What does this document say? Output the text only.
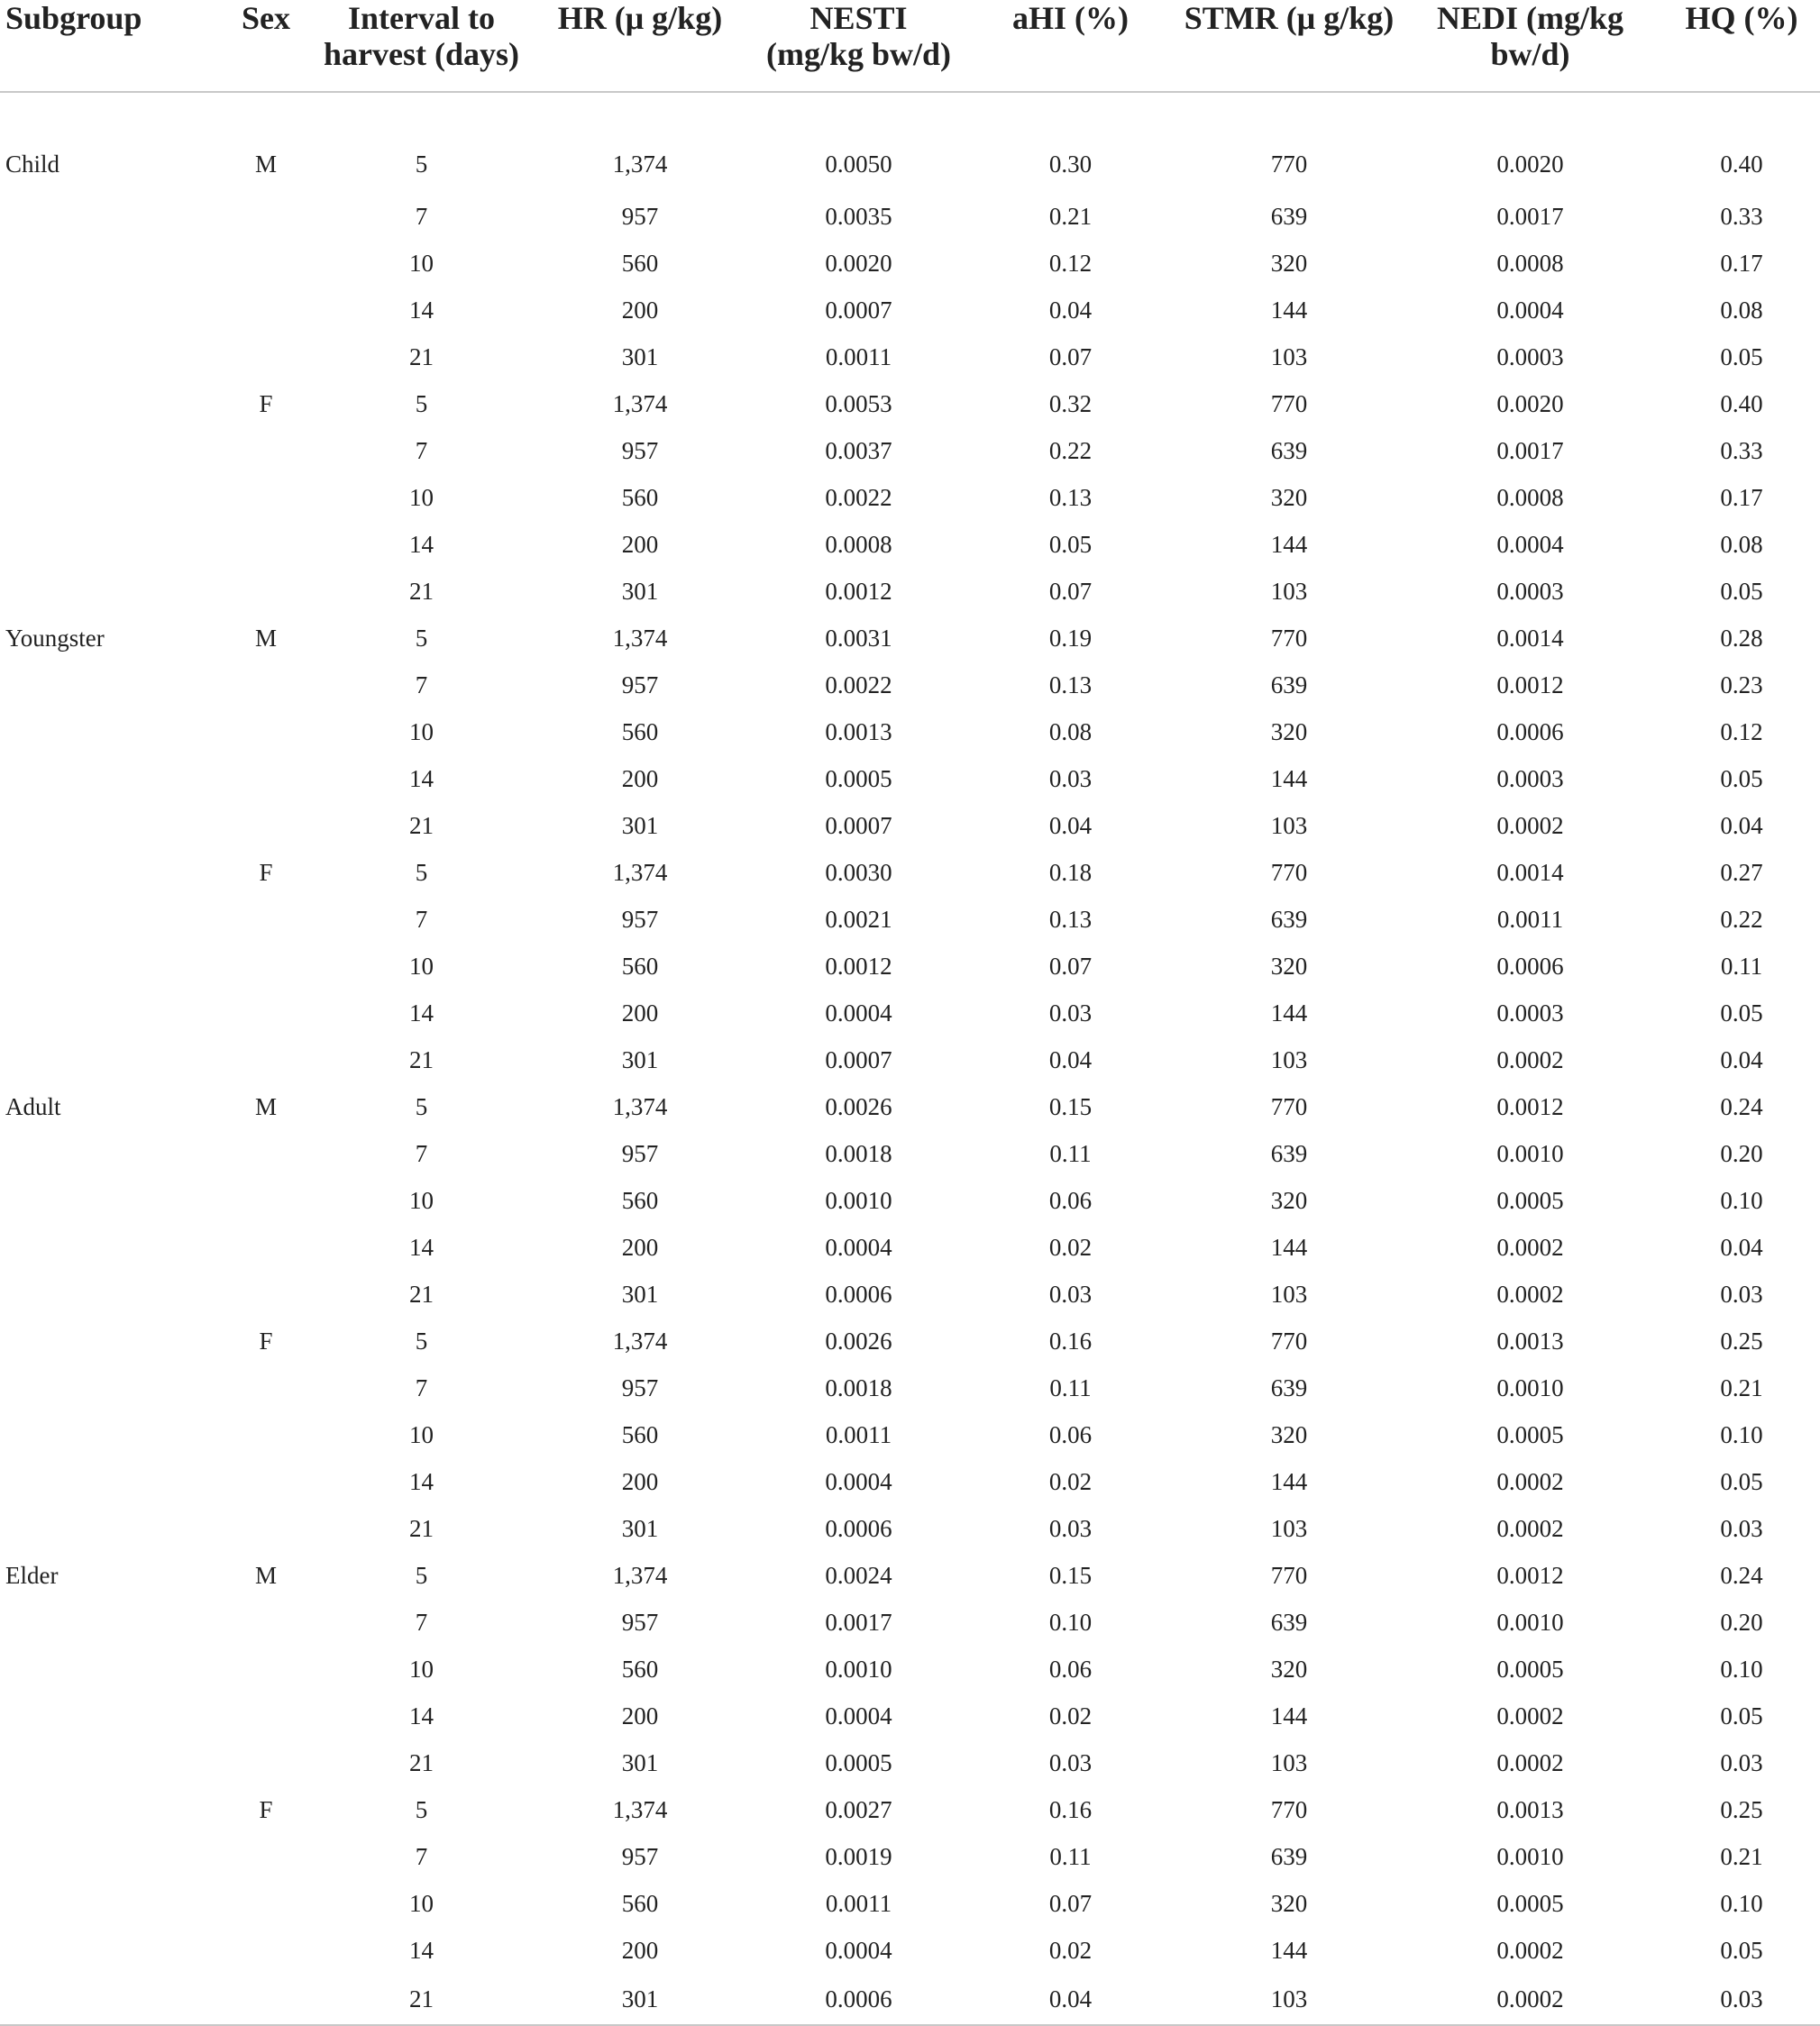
Subgroup	Sex	Interval to harvest (days)	HR (μ g/kg)	NESTI (mg/kg bw/d)	aHI (%)	STMR (μ g/kg)	NEDI (mg/kg bw/d)	HQ (%)
Child	M	5	1,374	0.0050	0.30	770	0.0020	0.40
		7	957	0.0035	0.21	639	0.0017	0.33
		10	560	0.0020	0.12	320	0.0008	0.17
		14	200	0.0007	0.04	144	0.0004	0.08
		21	301	0.0011	0.07	103	0.0003	0.05
	F	5	1,374	0.0053	0.32	770	0.0020	0.40
		7	957	0.0037	0.22	639	0.0017	0.33
		10	560	0.0022	0.13	320	0.0008	0.17
		14	200	0.0008	0.05	144	0.0004	0.08
		21	301	0.0012	0.07	103	0.0003	0.05
Youngster	M	5	1,374	0.0031	0.19	770	0.0014	0.28
		7	957	0.0022	0.13	639	0.0012	0.23
		10	560	0.0013	0.08	320	0.0006	0.12
		14	200	0.0005	0.03	144	0.0003	0.05
		21	301	0.0007	0.04	103	0.0002	0.04
	F	5	1,374	0.0030	0.18	770	0.0014	0.27
		7	957	0.0021	0.13	639	0.0011	0.22
		10	560	0.0012	0.07	320	0.0006	0.11
		14	200	0.0004	0.03	144	0.0003	0.05
		21	301	0.0007	0.04	103	0.0002	0.04
Adult	M	5	1,374	0.0026	0.15	770	0.0012	0.24
		7	957	0.0018	0.11	639	0.0010	0.20
		10	560	0.0010	0.06	320	0.0005	0.10
		14	200	0.0004	0.02	144	0.0002	0.04
		21	301	0.0006	0.03	103	0.0002	0.03
	F	5	1,374	0.0026	0.16	770	0.0013	0.25
		7	957	0.0018	0.11	639	0.0010	0.21
		10	560	0.0011	0.06	320	0.0005	0.10
		14	200	0.0004	0.02	144	0.0002	0.05
		21	301	0.0006	0.03	103	0.0002	0.03
Elder	M	5	1,374	0.0024	0.15	770	0.0012	0.24
		7	957	0.0017	0.10	639	0.0010	0.20
		10	560	0.0010	0.06	320	0.0005	0.10
		14	200	0.0004	0.02	144	0.0002	0.05
		21	301	0.0005	0.03	103	0.0002	0.03
	F	5	1,374	0.0027	0.16	770	0.0013	0.25
		7	957	0.0019	0.11	639	0.0010	0.21
		10	560	0.0011	0.07	320	0.0005	0.10
		14	200	0.0004	0.02	144	0.0002	0.05
		21	301	0.0006	0.04	103	0.0002	0.03
